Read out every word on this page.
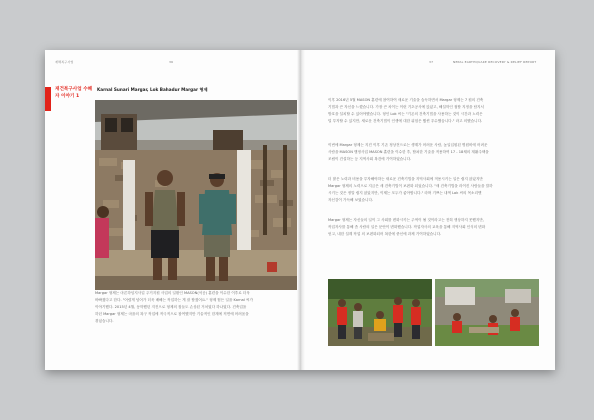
재해복구사업	36
재건복구사업 수혜자 이야기 1
Karnal Sunari Margar, Lok Bahadur Margar 형제
Margar 형제는 마론하임지사업 주거지원 사업의 일환인 MASON(석공) 훈련을 이수한 이후로 더욱
바빠졌다고 한다. "어렸게 넘어가 더욱 배해는 작업하는 게 잘 합졌어요." 형제 힘든 일을 Karnal 씨가
이야기했다. 2015년 4월, 동학했던 지진으로 형제의 집들도 손상된 거처였다 하나였다. 건축업을
하던 Margar 형제는 마을의 복구 작업에 적극적으로 참여했지만 기술적인 한계에 직면에 어려움을
겪었습니다.
37	NEPAL EARTHQUAKE RECOVERY & RELIEF REPORT
이후 2016년 5월 MASON 훈련에 참여하여 새로운 기술을 습득하면서 Margar 형제는 7 원의 건축
기법과 큰 자신을 느꼈습니다. 가장 큰 차이는 이런 기초공사에 앉았고, 해설학인 접합 지정을 탐지서
방호을 설치할 수 있어야했습니다. 형인 Lok 씨는 "기존의 건축기법을 사용하는 것이 시간과 노력은
덜 투자할 수 있지만, 새로운 건축기법이 인생에 대한 위험은 훨씬 우수했습니다." 라고 의했습니다.
이번에 Margar 형제는 지진 이후 기존 정상전으로는 생계가 어려운 사람, 높일입원된 병원비에 어려운
사람을 MASON 햇정사업 MASON 훈련을 이수한 후, 합쳐한 기술을 적용하여 17 - 18채의 재활주택을
조립이 건설하는 등 지역사회 복건에 기여하였습니다.
더 많은 노력과 비용을 투자해야하는 새로운 건축기법을 지역사회에 적용시키는 일은 쉽지 않았지만
Margar 형제의 노력으로 지금은 새 건축기법이 보편화 되었습니다. "새 건축기법을 라이킨 사람들을 말하
시키는 것은 정말 쉽지 않았지만, 이제는 모두가 좋아합니다." 라며 기쁘는 내색 Lok 씨의 목소리엔
자신감이 가득해 보였습니다.
Margar 형제는 자신들의 일이 그 사회를 변화시키는 주역이 될 것이라고는 전혀 생상하지 못했지만,
작업자사를 통해 좀 사람의 일은 문안이 변화했습니다. 작업자사의 교육을 통해 지역사회 인식의 변화
얻고, 내한 설계 작업 의 보편화되어 복한에 중신에 과제 기여하였습니다.
